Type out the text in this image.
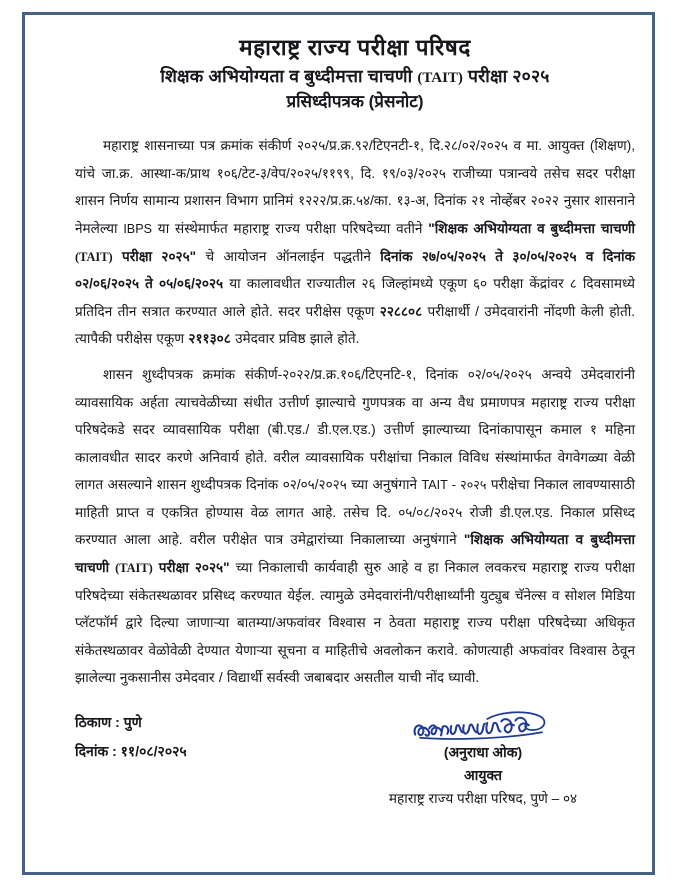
महाराष्ट्र राज्य परीक्षा परिषद
शिक्षक अभियोग्यता व बुध्दीमत्ता चाचणी (TAIT) परीक्षा २०२५
प्रसिध्दीपत्रक (प्रेसनोट)

महाराष्ट्र शासनाच्या पत्र क्रमांक संकीर्ण २०२५/प्र.क्र.९२/टिएनटी-१, दि.२८/०२/२०२५ व मा. आयुक्त (शिक्षण), यांचे जा.क्र. आस्था-क/प्राथ १०६/टेट-३/वेप/२०२५/११९९, दि. १९/०३/२०२५ राजीच्या पत्रान्वये तसेच सदर परीक्षा शासन निर्णय सामान्य प्रशासन विभाग प्रानिमं १२२२/प्र.क्र.५४/का. १३-अ, दिनांक २१ नोव्हेंबर २०२२ नुसार शासनाने नेमलेल्या IBPS या संस्थेमार्फत महाराष्ट्र राज्य परीक्षा परिषदेच्या वतीने "शिक्षक अभियोग्यता व बुध्दीमत्ता चाचणी (TAIT) परीक्षा २०२५" चे आयोजन ऑनलाईन पद्धतीने दिनांक २७/०५/२०२५ ते ३०/०५/२०२५ व दिनांक ०२/०६/२०२५ ते ०५/०६/२०२५ या कालावधीत राज्यातील २६ जिल्हांमध्ये एकूण ६० परीक्षा केंद्रांवर ८ दिवसामध्ये प्रतिदिन तीन सत्रात करण्यात आले होते. सदर परीक्षेस एकूण २२८८०८ परीक्षार्थी / उमेदवारांनी नोंदणी केली होती. त्यापैकी परीक्षेस एकूण २११३०८ उमेदवार प्रविष्ठ झाले होते.

शासन शुध्दीपत्रक क्रमांक संकीर्ण-२०२२/प्र.क्र.१०६/टिएनटि-१, दिनांक ०२/०५/२०२५ अन्वये उमेदवारांनी व्यावसायिक अर्हता त्याचवेळीच्या संधीत उत्तीर्ण झाल्याचे गुणपत्रक वा अन्य वैध प्रमाणपत्र महाराष्ट्र राज्य परीक्षा परिषदेकडे सदर व्यावसायिक परीक्षा (बी.एड./ डी.एल.एड.) उत्तीर्ण झाल्याच्या दिनांकापासून कमाल १ महिना कालावधीत सादर करणे अनिवार्य होते. वरील व्यावसायिक परीक्षांचा निकाल विविध संस्थांमार्फत वेगवेगळ्या वेळी लागत असल्याने शासन शुध्दीपत्रक दिनांक ०२/०५/२०२५ च्या अनुषंगाने TAIT - २०२५ परीक्षेचा निकाल लावण्यासाठी माहिती प्राप्त व एकत्रित होण्यास वेळ लागत आहे. तसेच दि. ०५/०८/२०२५ रोजी डी.एल.एड. निकाल प्रसिध्द करण्यात आला आहे. वरील परीक्षेत पात्र उमेद्वारांच्या निकालाच्या अनुषंगाने "शिक्षक अभियोग्यता व बुध्दीमत्ता चाचणी (TAIT) परीक्षा २०२५" च्या निकालाची कार्यवाही सुरु आहे व हा निकाल लवकरच महाराष्ट्र राज्य परीक्षा परिषदेच्या संकेतस्थळावर प्रसिध्द करण्यात येईल. त्यामुळे उमेदवारांनी/परीक्षार्थ्यांनी युट्युब चॅनेल्स व सोशल मिडिया प्लॅटफॉर्म द्वारे दिल्या जाणाऱ्या बातम्या/अफवांवर विश्वास न ठेवता महाराष्ट्र राज्य परीक्षा परिषदेच्या अधिकृत संकेतस्थळावर वेळोवेळी देण्यात येणाऱ्या सूचना व माहितीचे अवलोकन करावे. कोणत्याही अफवांवर विश्वास ठेवून झालेल्या नुकसानीस उमेदवार / विद्यार्थी सर्वस्वी जबाबदार असतील याची नोंद घ्यावी.

ठिकाण : पुणे
दिनांक : ११/०८/२०२५	(अनुराधा ओक)
आयुक्त
महाराष्ट्र राज्य परीक्षा परिषद, पुणे – ०४
